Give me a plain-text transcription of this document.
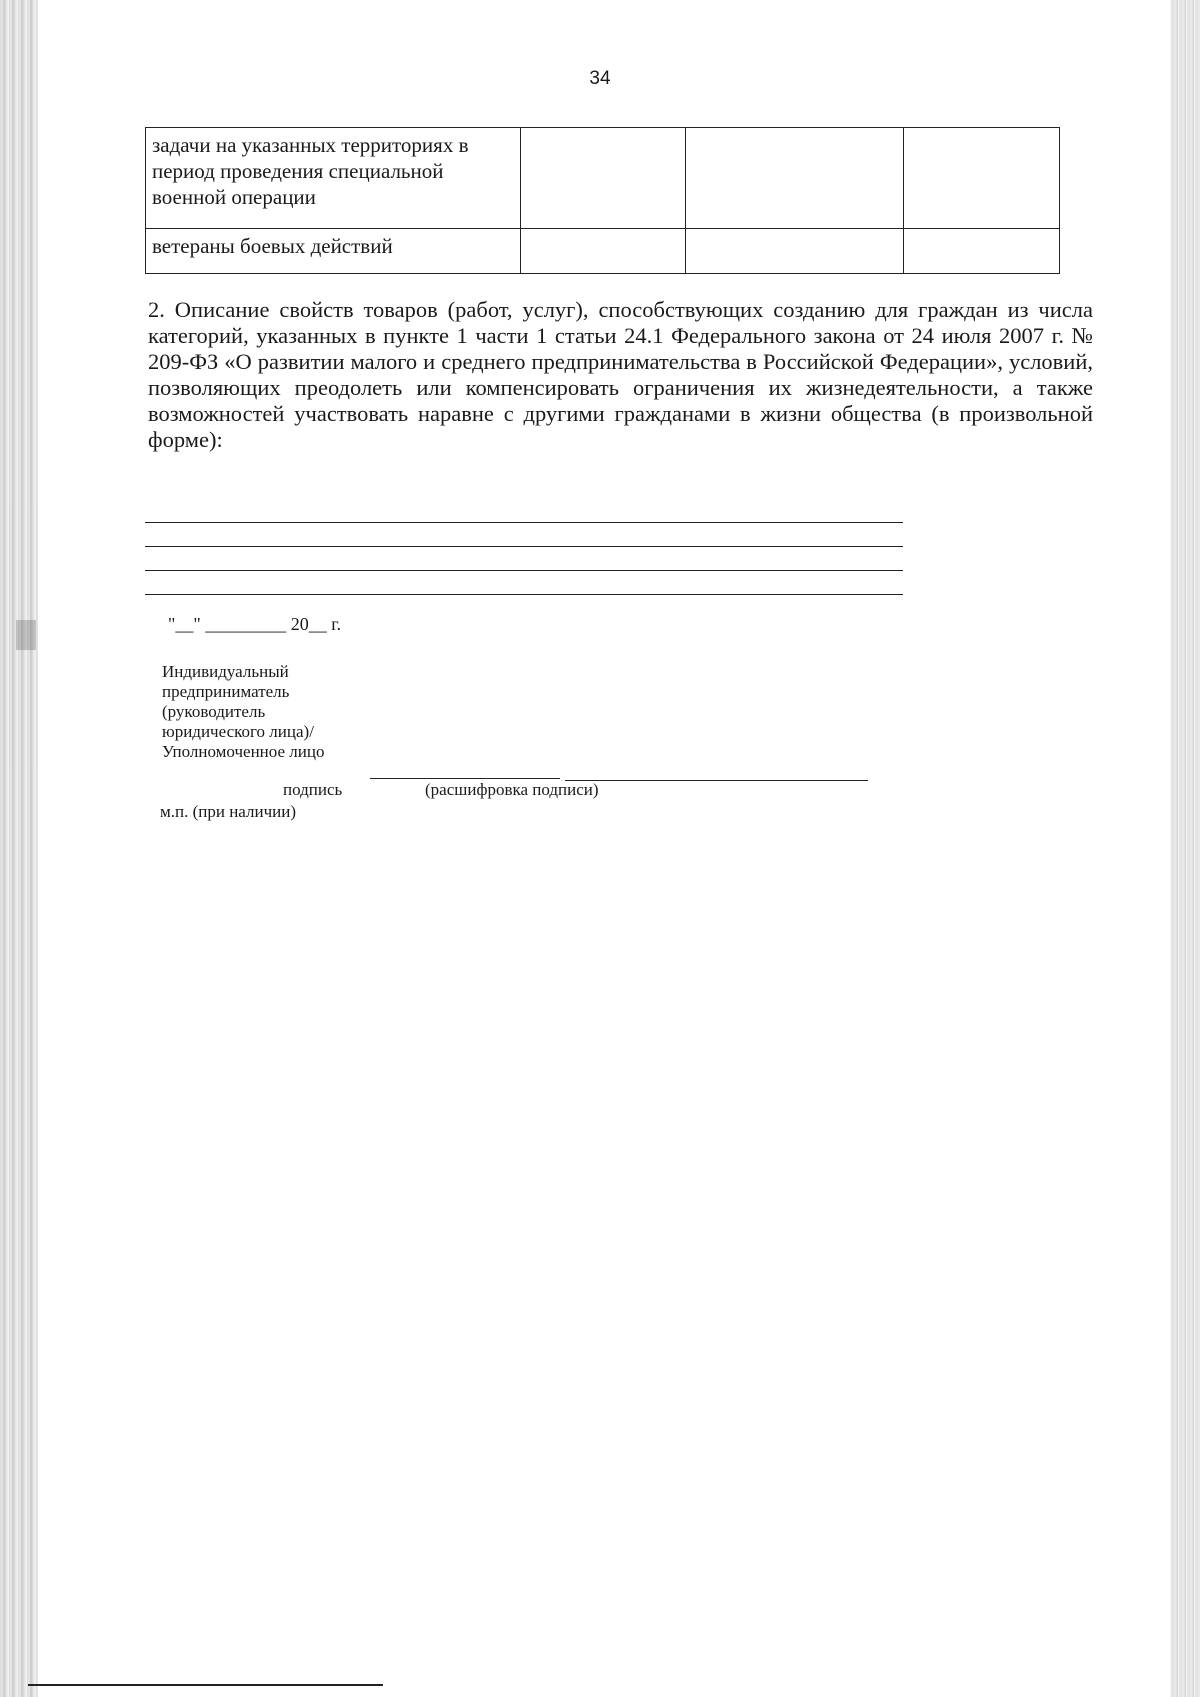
34
задачи на указанных территориях в период проведения специальной военной операции			
ветераны боевых действий			

2. Описание свойств товаров (работ, услуг), способствующих созданию для граждан из числа категорий, указанных в пункте 1 части 1 статьи 24.1 Федерального закона от 24 июля 2007 г. № 209-ФЗ «О развитии малого и среднего предпринимательства в Российской Федерации», условий, позволяющих преодолеть или компенсировать ограничения их жизнедеятельности, а также возможностей участвовать наравне с другими гражданами в жизни общества (в произвольной форме):

"__" _________ 20__ г.

Индивидуальный
предприниматель
(руководитель
юридического лица)/
Уполномоченное лицо

подпись	(расшифровка подписи)
м.п. (при наличии)
